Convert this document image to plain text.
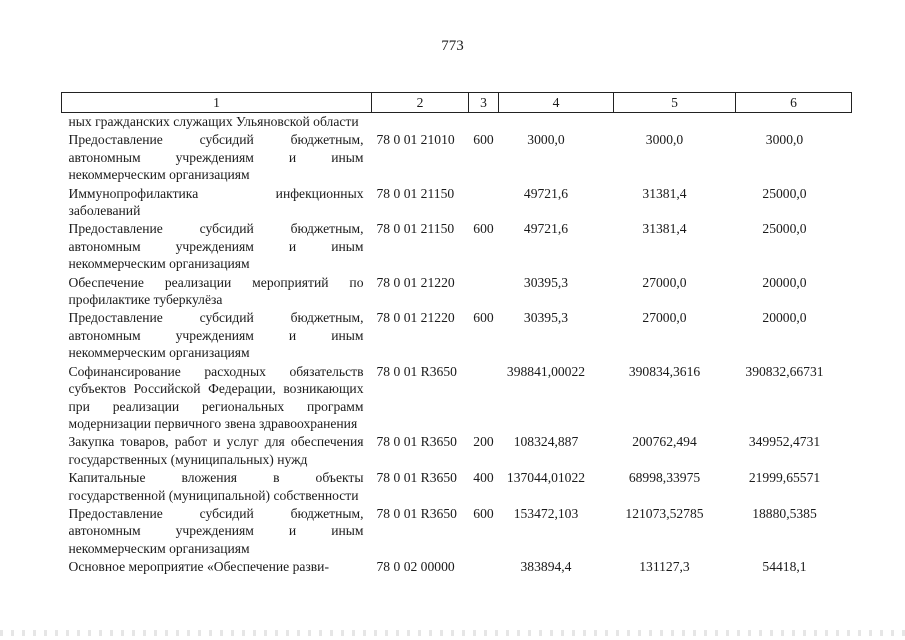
773
1	2	3	4	5	6
ных гражданских служащих Ульяновской области					
Предоставление субсидий бюджетным, автономным учреждениям и иным некоммерческим организациям	78 0 01 21010	600	3000,0	3000,0	3000,0
Иммунопрофилактика инфекционных заболеваний	78 0 01 21150		49721,6	31381,4	25000,0
Предоставление субсидий бюджетным, автономным учреждениям и иным некоммерческим организациям	78 0 01 21150	600	49721,6	31381,4	25000,0
Обеспечение реализации мероприятий по профилактике туберкулёза	78 0 01 21220		30395,3	27000,0	20000,0
Предоставление субсидий бюджетным, автономным учреждениям и иным некоммерческим организациям	78 0 01 21220	600	30395,3	27000,0	20000,0
Софинансирование расходных обязательств субъектов Российской Федерации, возникающих при реализации региональных программ модернизации первичного звена здравоохранения	78 0 01 R3650		398841,00022	390834,3616	390832,66731
Закупка товаров, работ и услуг для обеспечения государственных (муниципальных) нужд	78 0 01 R3650	200	108324,887	200762,494	349952,4731
Капитальные вложения в объекты государственной (муниципальной) собственности	78 0 01 R3650	400	137044,01022	68998,33975	21999,65571
Предоставление субсидий бюджетным, автономным учреждениям и иным некоммерческим организациям	78 0 01 R3650	600	153472,103	121073,52785	18880,5385
Основное мероприятие «Обеспечение разви-	78 0 02 00000		383894,4	131127,3	54418,1
